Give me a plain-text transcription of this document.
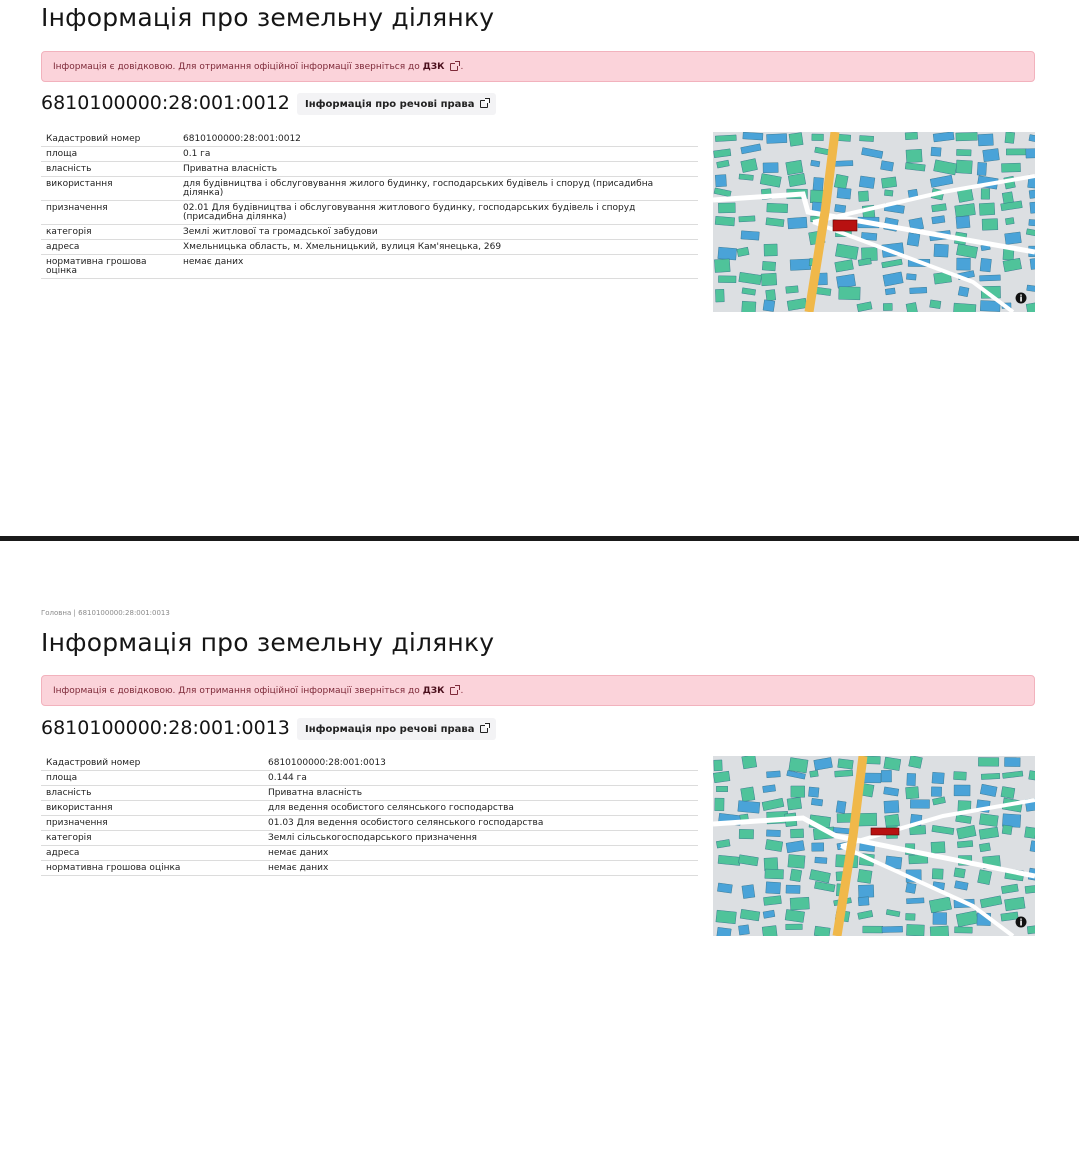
Інформація про земельну ділянку
Інформація є довідковою. Для отримання офіційної інформації зверніться до ДЗК .
6810100000:28:001:0012 Інформація про речові права
Кадастровий номер	6810100000:28:001:0012
площа	0.1 га
власність	Приватна власність
використання	для будівництва і обслуговування жилого будинку, господарських будівель і споруд (присадибна ділянка)
призначення	02.01 Для будівництва і обслуговування житлового будинку, господарських будівель і споруд (присадибна ділянка)
категорія	Землі житлової та громадської забудови
адреса	Хмельницька область, м. Хмельницький, вулиця Кам'янецька, 269
нормативна грошова оцінка	немає даних
i
Головна | 6810100000:28:001:0013
Інформація про земельну ділянку
Інформація є довідковою. Для отримання офіційної інформації зверніться до ДЗК .
6810100000:28:001:0013 Інформація про речові права
Кадастровий номер	6810100000:28:001:0013
площа	0.144 га
власність	Приватна власність
використання	для ведення особистого селянського господарства
призначення	01.03 Для ведення особистого селянського господарства
категорія	Землі сільськогосподарського призначення
адреса	немає даних
нормативна грошова оцінка	немає даних
i
